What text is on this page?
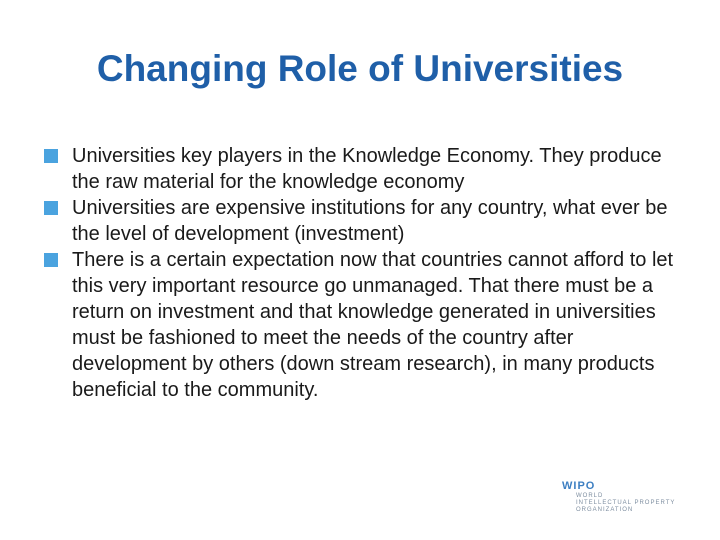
Changing Role of Universities
Universities key players in the Knowledge Economy. They produce the raw material for the knowledge economy
Universities are expensive institutions for any country, what ever be the level of development (investment)
There is a certain expectation now that countries cannot afford to let this very important resource go unmanaged. That there must be a return on investment and that knowledge generated in universities must be fashioned to meet the needs of the country after development by others (down stream research), in many products beneficial to the community.
WIPO
WORLD
INTELLECTUAL PROPERTY
ORGANIZATION
